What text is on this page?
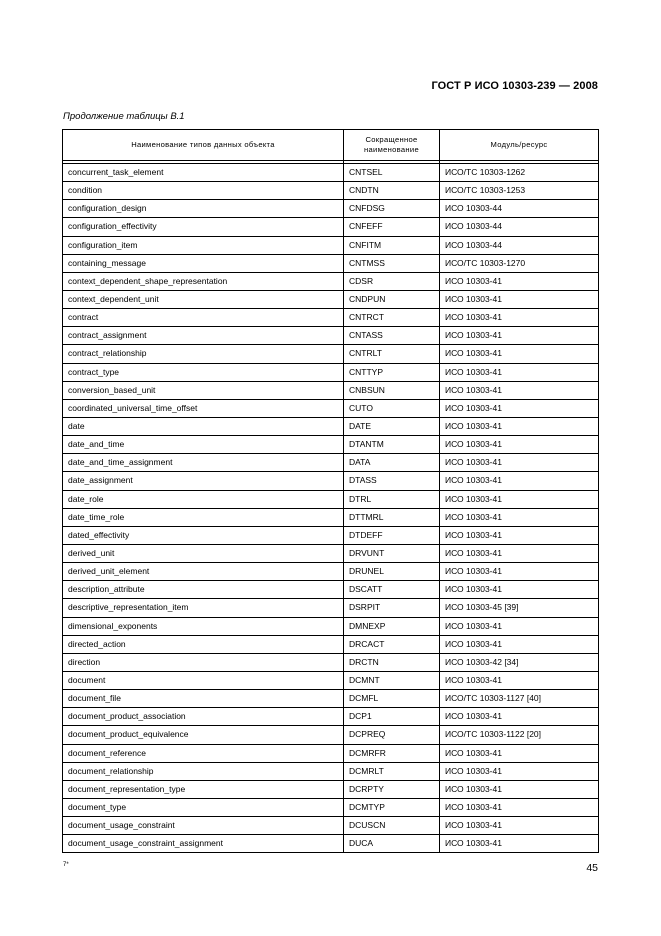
ГОСТ Р ИСО 10303-239 — 2008
Продолжение таблицы B.1
Наименование типов данных объекта	Сокращенное наименование	Модуль/ресурс

concurrent_task_element	CNTSEL	ИСО/ТС 10303-1262
condition	CNDTN	ИСО/ТС 10303-1253
configuration_design	CNFDSG	ИСО 10303-44
configuration_effectivity	CNFEFF	ИСО 10303-44
configuration_item	CNFITM	ИСО 10303-44
containing_message	CNTMSS	ИСО/ТС 10303-1270
context_dependent_shape_representation	CDSR	ИСО 10303-41
context_dependent_unit	CNDPUN	ИСО 10303-41
contract	CNTRCT	ИСО 10303-41
contract_assignment	CNTASS	ИСО 10303-41
contract_relationship	CNTRLT	ИСО 10303-41
contract_type	CNTTYP	ИСО 10303-41
conversion_based_unit	CNBSUN	ИСО 10303-41
coordinated_universal_time_offset	CUTO	ИСО 10303-41
date	DATE	ИСО 10303-41
date_and_time	DTANTM	ИСО 10303-41
date_and_time_assignment	DATA	ИСО 10303-41
date_assignment	DTASS	ИСО 10303-41
date_role	DTRL	ИСО 10303-41
date_time_role	DTTMRL	ИСО 10303-41
dated_effectivity	DTDEFF	ИСО 10303-41
derived_unit	DRVUNT	ИСО 10303-41
derived_unit_element	DRUNEL	ИСО 10303-41
description_attribute	DSCATT	ИСО 10303-41
descriptive_representation_item	DSRPIT	ИСО 10303-45 [39]
dimensional_exponents	DMNEXP	ИСО 10303-41
directed_action	DRCACT	ИСО 10303-41
direction	DRCTN	ИСО 10303-42 [34]
document	DCMNT	ИСО 10303-41
document_file	DCMFL	ИСО/ТС 10303-1127 [40]
document_product_association	DCP1	ИСО 10303-41
document_product_equivalence	DCPREQ	ИСО/ТС 10303-1122 [20]
document_reference	DCMRFR	ИСО 10303-41
document_relationship	DCMRLT	ИСО 10303-41
document_representation_type	DCRPTY	ИСО 10303-41
document_type	DCMTYP	ИСО 10303-41
document_usage_constraint	DCUSCN	ИСО 10303-41
document_usage_constraint_assignment	DUCA	ИСО 10303-41
7*	45
